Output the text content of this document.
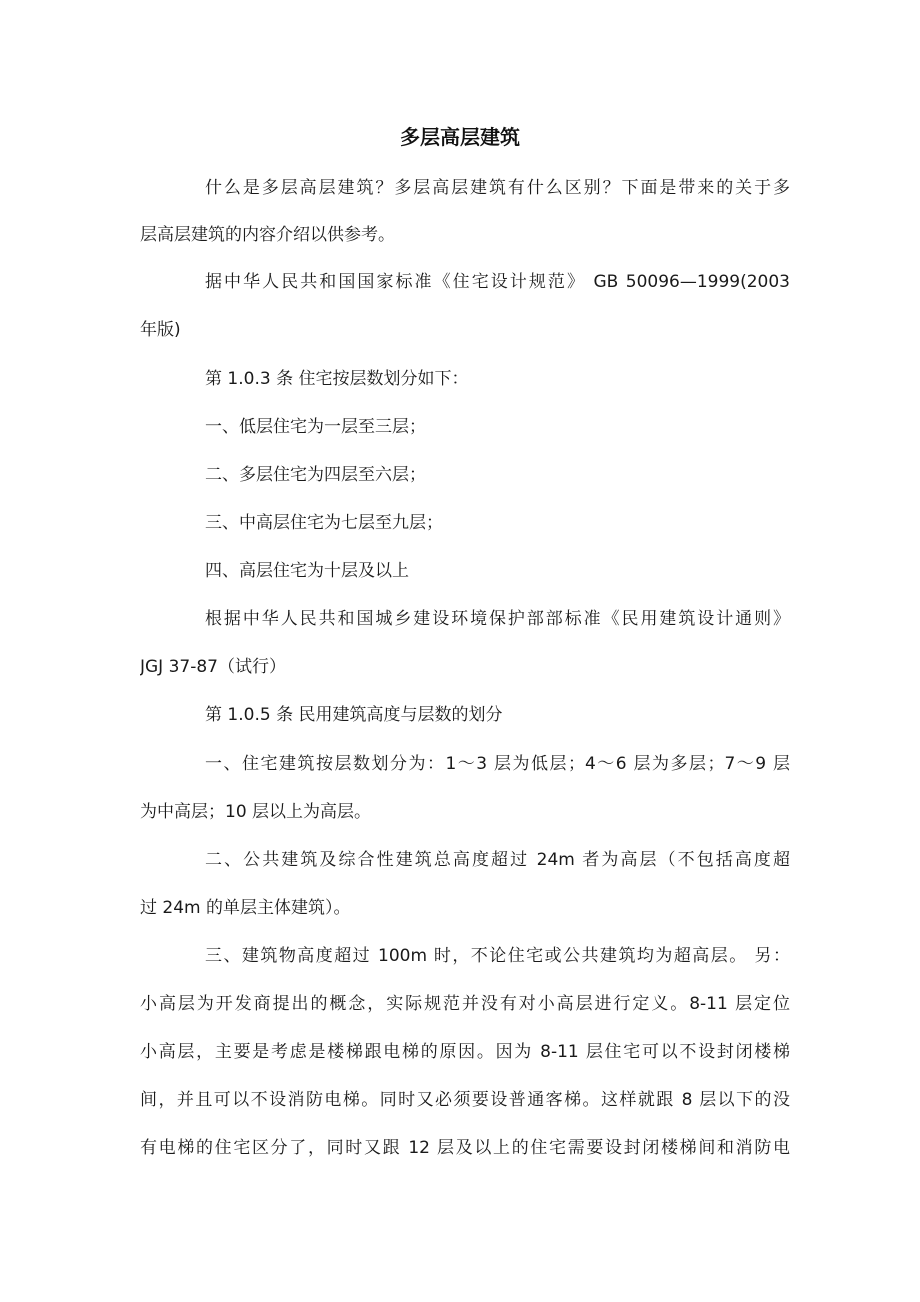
多层高层建筑
什么是多层高层建筑？多层高层建筑有什么区别？下面是带来的关于多
层高层建筑的内容介绍以供参考。
据中华人民共和国国家标准《住宅设计规范》 GB 50096—1999(2003
年版)
第 1.0.3 条 住宅按层数划分如下：
一、低层住宅为一层至三层；
二、多层住宅为四层至六层；
三、中高层住宅为七层至九层；
四、高层住宅为十层及以上
根据中华人民共和国城乡建设环境保护部部标准《民用建筑设计通则》
JGJ 37-87（试行）
第 1.0.5 条 民用建筑高度与层数的划分
一、住宅建筑按层数划分为：1～3 层为低层；4～6 层为多层；7～9 层
为中高层；10 层以上为高层。
二、公共建筑及综合性建筑总高度超过 24m 者为高层（不包括高度超
过 24m 的单层主体建筑）。
三、建筑物高度超过 100m 时，不论住宅或公共建筑均为超高层。 另：
小高层为开发商提出的概念，实际规范并没有对小高层进行定义。8-11 层定位
小高层，主要是考虑是楼梯跟电梯的原因。因为 8-11 层住宅可以不设封闭楼梯
间，并且可以不设消防电梯。同时又必须要设普通客梯。这样就跟 8 层以下的没
有电梯的住宅区分了，同时又跟 12 层及以上的住宅需要设封闭楼梯间和消防电
